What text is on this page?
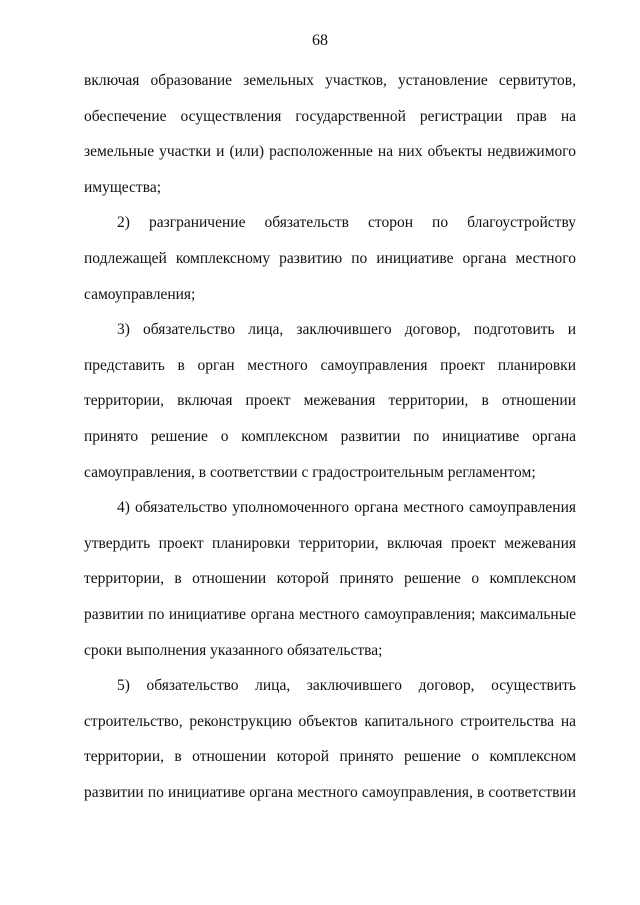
68

включая образование земельных участков, установление сервитутов,
обеспечение осуществления государственной регистрации прав на
земельные участки и (или) расположенные на них объекты недвижимого
имущества;

2) разграничение обязательств сторон по благоустройству
подлежащей комплексному развитию по инициативе органа местного
самоуправления;

3) обязательство лица, заключившего договор, подготовить и
представить в орган местного самоуправления проект планировки
территории, включая проект межевания территории, в отношении
принято решение о комплексном развитии по инициативе органа
самоуправления, в соответствии с градостроительным регламентом;

4) обязательство уполномоченного органа местного самоуправления
утвердить проект планировки территории, включая проект межевания
территории, в отношении которой принято решение о комплексном
развитии по инициативе органа местного самоуправления; максимальные
сроки выполнения указанного обязательства;

5) обязательство лица, заключившего договор, осуществить
строительство, реконструкцию объектов капитального строительства на
территории, в отношении которой принято решение о комплексном
развитии по инициативе органа местного самоуправления, в соответствии
